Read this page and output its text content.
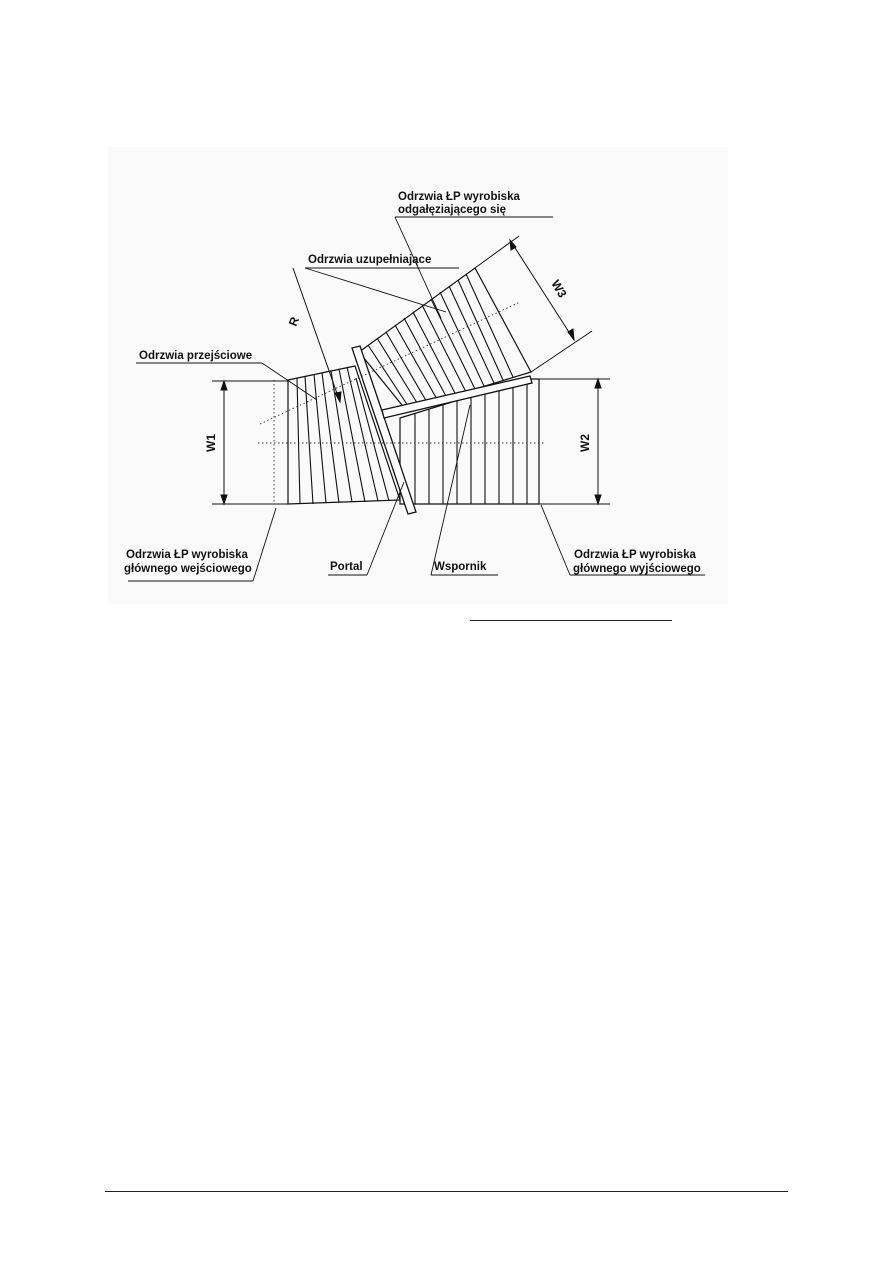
W1	W2
W3
R
Odrzwia ŁP wyrobiska
odgałęziającego się
Odrzwia uzupełniające
Odrzwia przejściowe
Odrzwia ŁP wyrobiska
głównego wejściowego	Portal	Wspornik
Odrzwia ŁP wyrobiska
głównego wyjściowego
